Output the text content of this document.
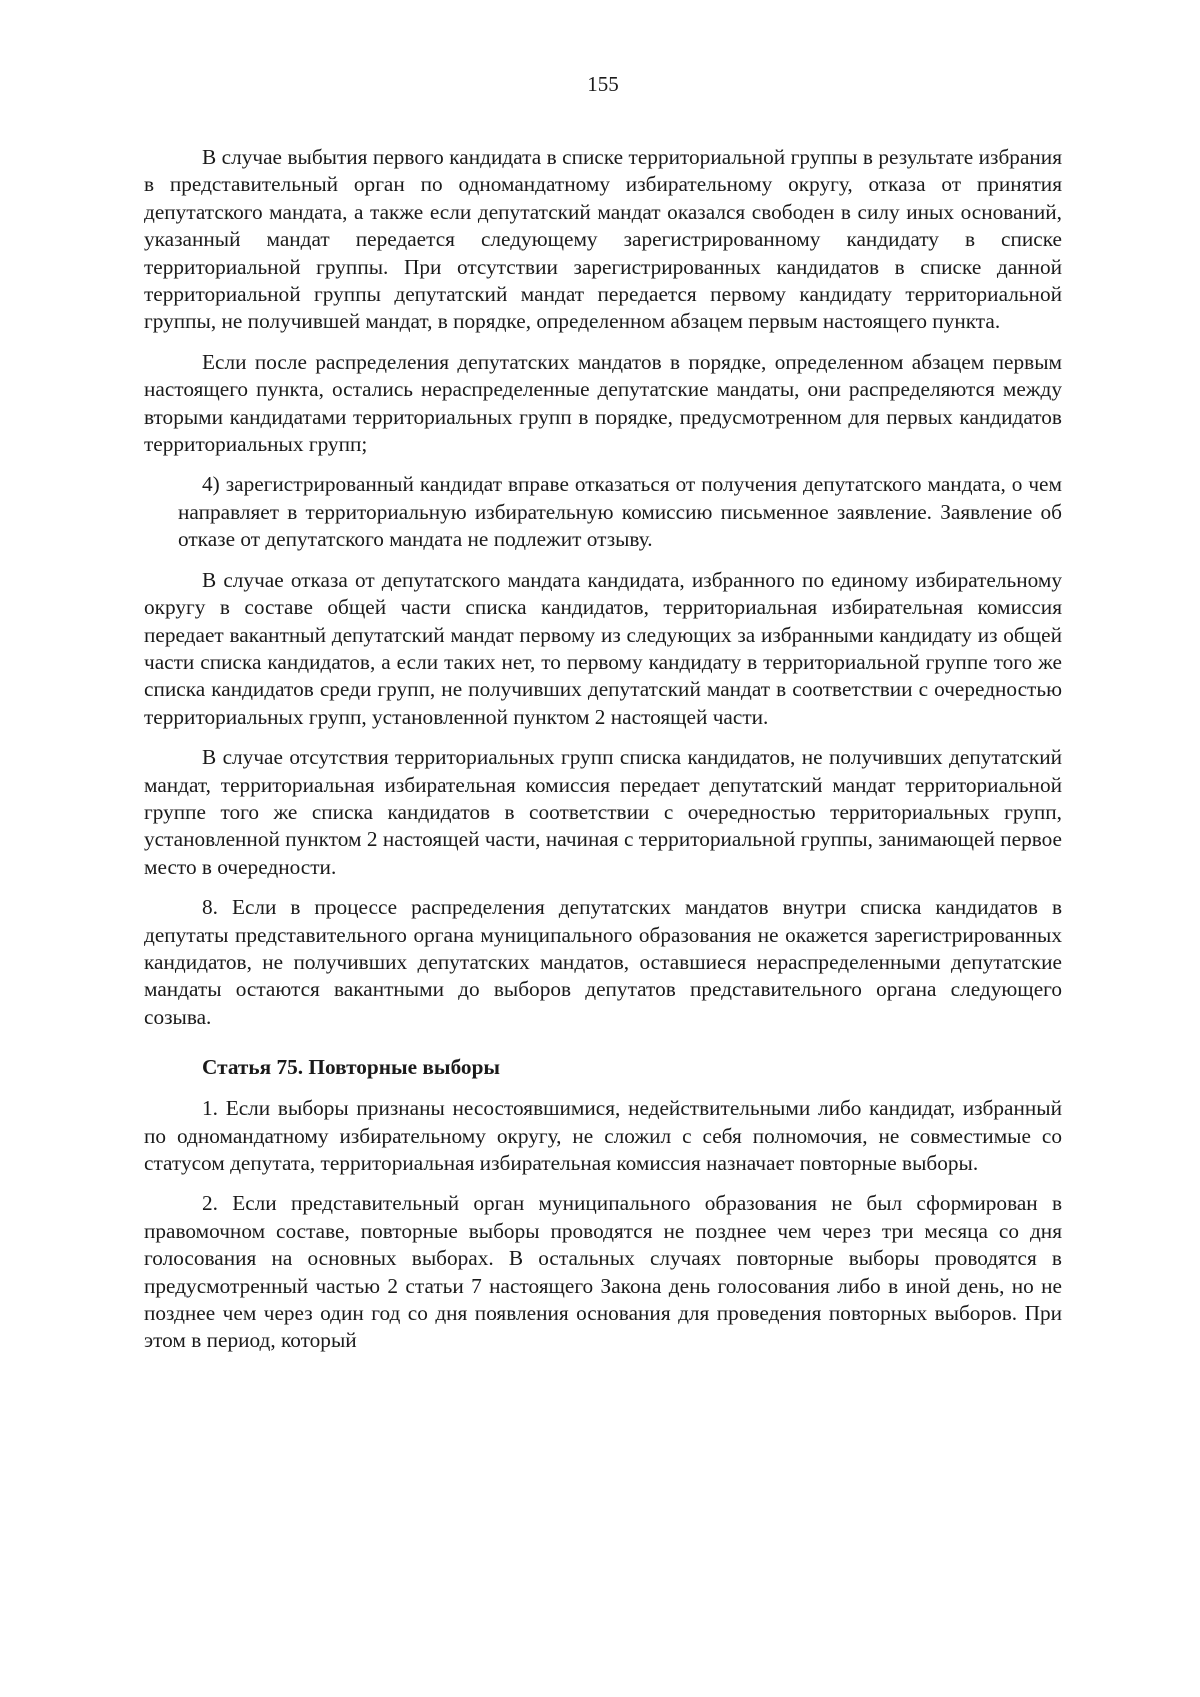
155

В случае выбытия первого кандидата в списке территориальной группы в результате избрания в представительный орган по одномандатному избирательному округу, отказа от принятия депутатского мандата, а также если депутатский мандат оказался свободен в силу иных оснований, указанный мандат передается следующему зарегистрированному кандидату в списке территориальной группы. При отсутствии зарегистрированных кандидатов в списке данной территориальной группы депутатский мандат передается первому кандидату территориальной группы, не получившей мандат, в порядке, определенном абзацем первым настоящего пункта.

Если после распределения депутатских мандатов в порядке, определенном абзацем первым настоящего пункта, остались нераспределенные депутатские мандаты, они распределяются между вторыми кандидатами территориальных групп в порядке, предусмотренном для первых кандидатов территориальных групп;

4) зарегистрированный кандидат вправе отказаться от получения депутатского мандата, о чем направляет в территориальную избирательную комиссию письменное заявление. Заявление об отказе от депутатского мандата не подлежит отзыву.

В случае отказа от депутатского мандата кандидата, избранного по единому избирательному округу в составе общей части списка кандидатов, территориальная избирательная комиссия передает вакантный депутатский мандат первому из следующих за избранными кандидату из общей части списка кандидатов, а если таких нет, то первому кандидату в территориальной группе того же списка кандидатов среди групп, не получивших депутатский мандат в соответствии с очередностью территориальных групп, установленной пунктом 2 настоящей части.

В случае отсутствия территориальных групп списка кандидатов, не получивших депутатский мандат, территориальная избирательная комиссия передает депутатский мандат территориальной группе того же списка кандидатов в соответствии с очередностью территориальных групп, установленной пунктом 2 настоящей части, начиная с территориальной группы, занимающей первое место в очередности.

8. Если в процессе распределения депутатских мандатов внутри списка кандидатов в депутаты представительного органа муниципального образования не окажется зарегистрированных кандидатов, не получивших депутатских мандатов, оставшиеся нераспределенными депутатские мандаты остаются вакантными до выборов депутатов представительного органа следующего созыва.

Статья 75. Повторные выборы

1. Если выборы признаны несостоявшимися, недействительными либо кандидат, избранный по одномандатному избирательному округу, не сложил с себя полномочия, не совместимые со статусом депутата, территориальная избирательная комиссия назначает повторные выборы.

2. Если представительный орган муниципального образования не был сформирован в правомочном составе, повторные выборы проводятся не позднее чем через три месяца со дня голосования на основных выборах. В остальных случаях повторные выборы проводятся в предусмотренный частью 2 статьи 7 настоящего Закона день голосования либо в иной день, но не позднее чем через один год со дня появления основания для проведения повторных выборов. При этом в период, который
